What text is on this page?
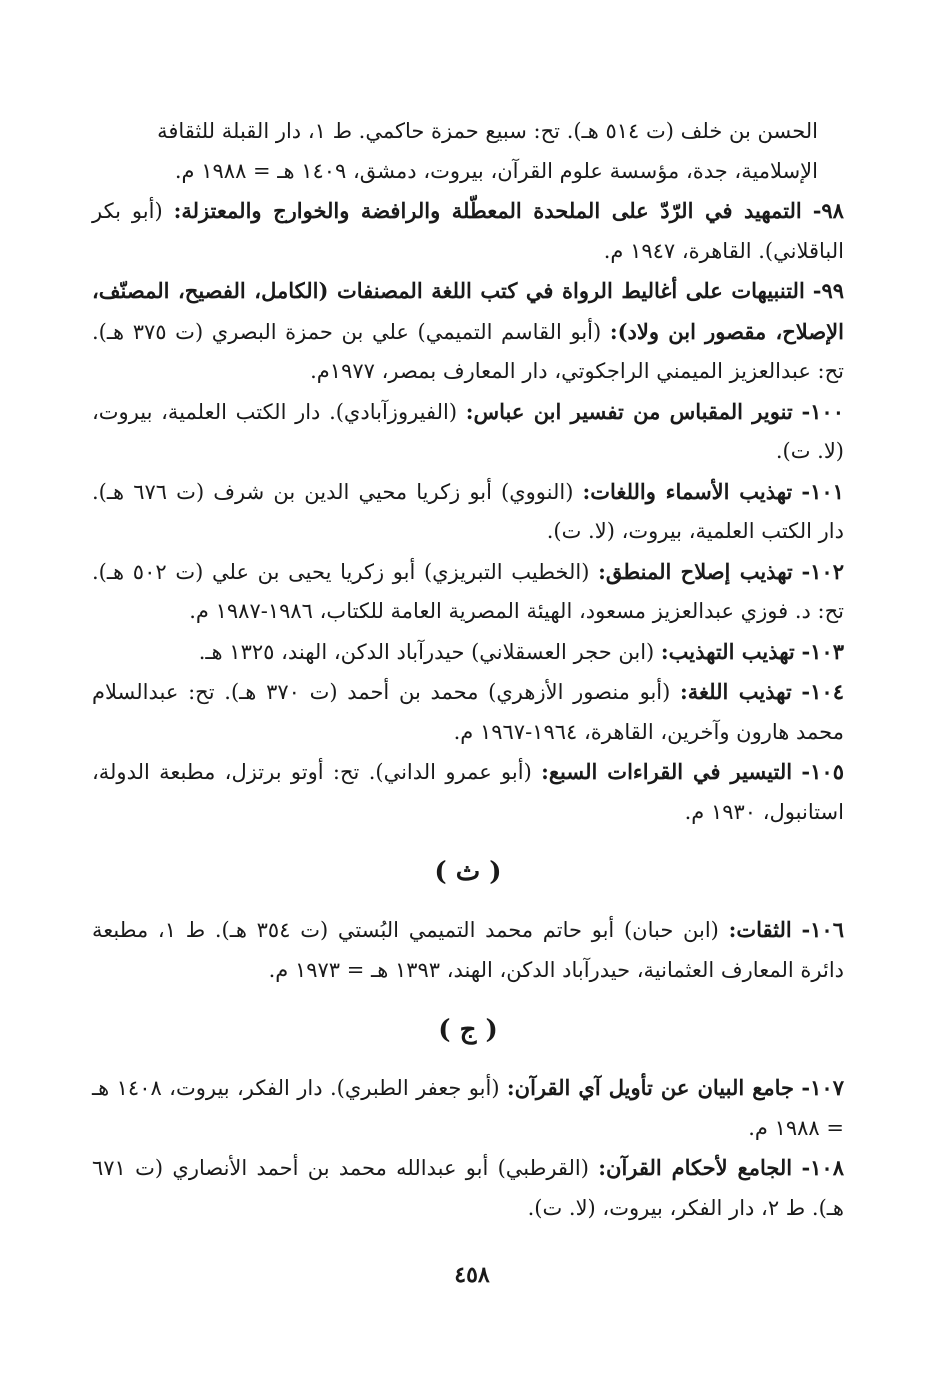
الحسن بن خلف (ت ٥١٤ هـ). تح: سبيع حمزة حاكمي. ط ١، دار القبلة للثقافة

الإسلامية، جدة، مؤسسة علوم القرآن، بيروت، دمشق، ١٤٠٩ هـ = ١٩٨٨ م.

٩٨- التمهيد في الرّدّ على الملحدة المعطّلة والرافضة والخوارج والمعتزلة: (أبو بكر الباقلاني). القاهرة، ١٩٤٧ م.

٩٩- التنبيهات على أغاليط الرواة في كتب اللغة المصنفات (الكامل، الفصيح، المصنّف، الإصلاح، مقصور ابن ولاد): (أبو القاسم التميمي) علي بن حمزة البصري (ت ٣٧٥ هـ). تح: عبدالعزيز الميمني الراجكوتي، دار المعارف بمصر، ١٩٧٧م.

١٠٠- تنوير المقباس من تفسير ابن عباس: (الفيروزآبادي). دار الكتب العلمية، بيروت، (لا. ت).

١٠١- تهذيب الأسماء واللغات: (النووي) أبو زكريا محيي الدين بن شرف (ت ٦٧٦ هـ). دار الكتب العلمية، بيروت، (لا. ت).

١٠٢- تهذيب إصلاح المنطق: (الخطيب التبريزي) أبو زكريا يحيى بن علي (ت ٥٠٢ هـ). تح: د. فوزي عبدالعزيز مسعود، الهيئة المصرية العامة للكتاب، ١٩٨٦-١٩٨٧ م.

١٠٣- تهذيب التهذيب: (ابن حجر العسقلاني) حيدرآباد الدكن، الهند، ١٣٢٥ هـ.

١٠٤- تهذيب اللغة: (أبو منصور الأزهري) محمد بن أحمد (ت ٣٧٠ هـ). تح: عبدالسلام محمد هارون وآخرين، القاهرة، ١٩٦٤-١٩٦٧ م.

١٠٥- التيسير في القراءات السبع: (أبو عمرو الداني). تح: أوتو برتزل، مطبعة الدولة، استانبول، ١٩٣٠ م.

( ث )

١٠٦- الثقات: (ابن حبان) أبو حاتم محمد التميمي البُستي (ت ٣٥٤ هـ). ط ١، مطبعة دائرة المعارف العثمانية، حيدرآباد الدكن، الهند، ١٣٩٣ هـ = ١٩٧٣ م.

( ج )

١٠٧- جامع البيان عن تأويل آي القرآن: (أبو جعفر الطبري). دار الفكر، بيروت، ١٤٠٨ هـ = ١٩٨٨ م.

١٠٨- الجامع لأحكام القرآن: (القرطبي) أبو عبدالله محمد بن أحمد الأنصاري (ت ٦٧١ هـ). ط ٢، دار الفكر، بيروت، (لا. ت).

٤٥٨
